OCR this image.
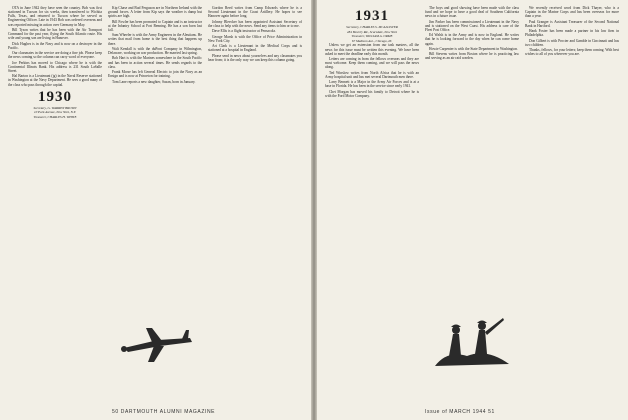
OTA in June 1942 they have seen the country. Bob was first stationed in Tucson for six weeks, then transferred to Wichita Falls, Texas, and returned to Tucson where he served as Engineering Officer. Late in 1943 Bob was ordered overseas and was reported missing in action over Germany in May.

Bill Tyson writes that he has been with the Air Transport Command for the past year, flying the South Atlantic route. His wife and young son are living in Hanover.

Dick Hughes is in the Navy and is now on a destroyer in the Pacific.

Our classmates in the service are doing a fine job. Please keep the news coming so the column can carry word of everyone.

Joe Perkins has moved to Chicago where he is with the Continental Illinois Bank. His address is 231 South LaSalle Street.

Hal Barton is a Lieutenant (jg) in the Naval Reserve stationed in Washington at the Navy Department. He sees a good many of the class who pass through the capital.

1930
Secretary, G. WARREN BROWN
10 Park Avenue, New York, N.Y.
Treasurer, CHARLES H. WHITE

Kip Chase and Bud Ferguson are in Northern Ireland with the ground forces. A letter from Kip says the weather is damp but spirits are high.

Bill Fowler has been promoted to Captain and is an instructor at the Infantry School at Fort Benning. He has a son born last fall.

Sam Wheeler is with the Army Engineers in the Aleutians. He writes that mail from home is the best thing that happens up there.

Walt Kendall is with the duPont Company in Wilmington, Delaware, working on war production. He married last spring.

Bob Hart is with the Marines somewhere in the South Pacific and has been in action several times. He sends regards to the class.

Frank Morse has left General Electric to join the Navy as an Ensign and is now at Princeton for training.

Tom Lane reports a new daughter, Susan, born in January.

Gordon Reed writes from Camp Edwards where he is a Second Lieutenant in the Coast Artillery. He hopes to see Hanover again before long.

Johnny Bleecker has been appointed Assistant Secretary of the class to help with the news. Send any items to him or to me.

Dave Ellis is a flight instructor at Pensacola.

George Marsh is with the Office of Price Administration in New York City.

Art Clark is a Lieutenant in the Medical Corps and is stationed at a hospital in England.

Please send in news about yourselves and any classmates you hear from; it is the only way we can keep this column going.

50 DARTMOUTH ALUMNI MAGAZINE
1931
Secretary, CHARLES S. MCALLISTER
284 Beverly Rd., Scarsdale, New York
Treasurer, WILLIAM A. ORME
67 Madison Ave., Chicago, Ill.

Unless we get an extension from our task masters, all the news for this issue must be written this evening. We have been asked to meet the deadline early this month.

Letters are coming in from the fellows overseas and they are most welcome. Keep them coming, and we will pass the news along.

Ted Winslow writes from North Africa that he is with an Army hospital unit and has met several Dartmouth men there.

Larry Bennett is a Major in the Army Air Forces and is at a base in Florida. He has been in the service since early 1941.

Chet Morgan has moved his family to Detroit where he is with the Ford Motor Company.

The boys and good showing have been made with the class fund and we hope to have a good deal of Southern California news in a future issue.

Jim Parker has been commissioned a Lieutenant in the Navy and is stationed on the West Coast. His address is care of the Fleet Post Office.

Ed Walsh is in the Army and is now in England. He writes that he is looking forward to the day when he can come home again.

Howie Carpenter is with the State Department in Washington.

Bill Stevens writes from Boston where he is practicing law and serving as an air raid warden.

We recently received word from Dick Thayer, who is a Captain in the Marine Corps and has been overseas for more than a year.

Paul Granger is Assistant Treasurer of the Second National Bank in Hartford.

Hank Foster has been made a partner in his law firm in Philadelphia.

Don Gilbert is with Procter and Gamble in Cincinnati and has two children.

Thanks, fellows, for your letters; keep them coming. With best wishes to all of you wherever you are.

Issue of MARCH 1944 51
